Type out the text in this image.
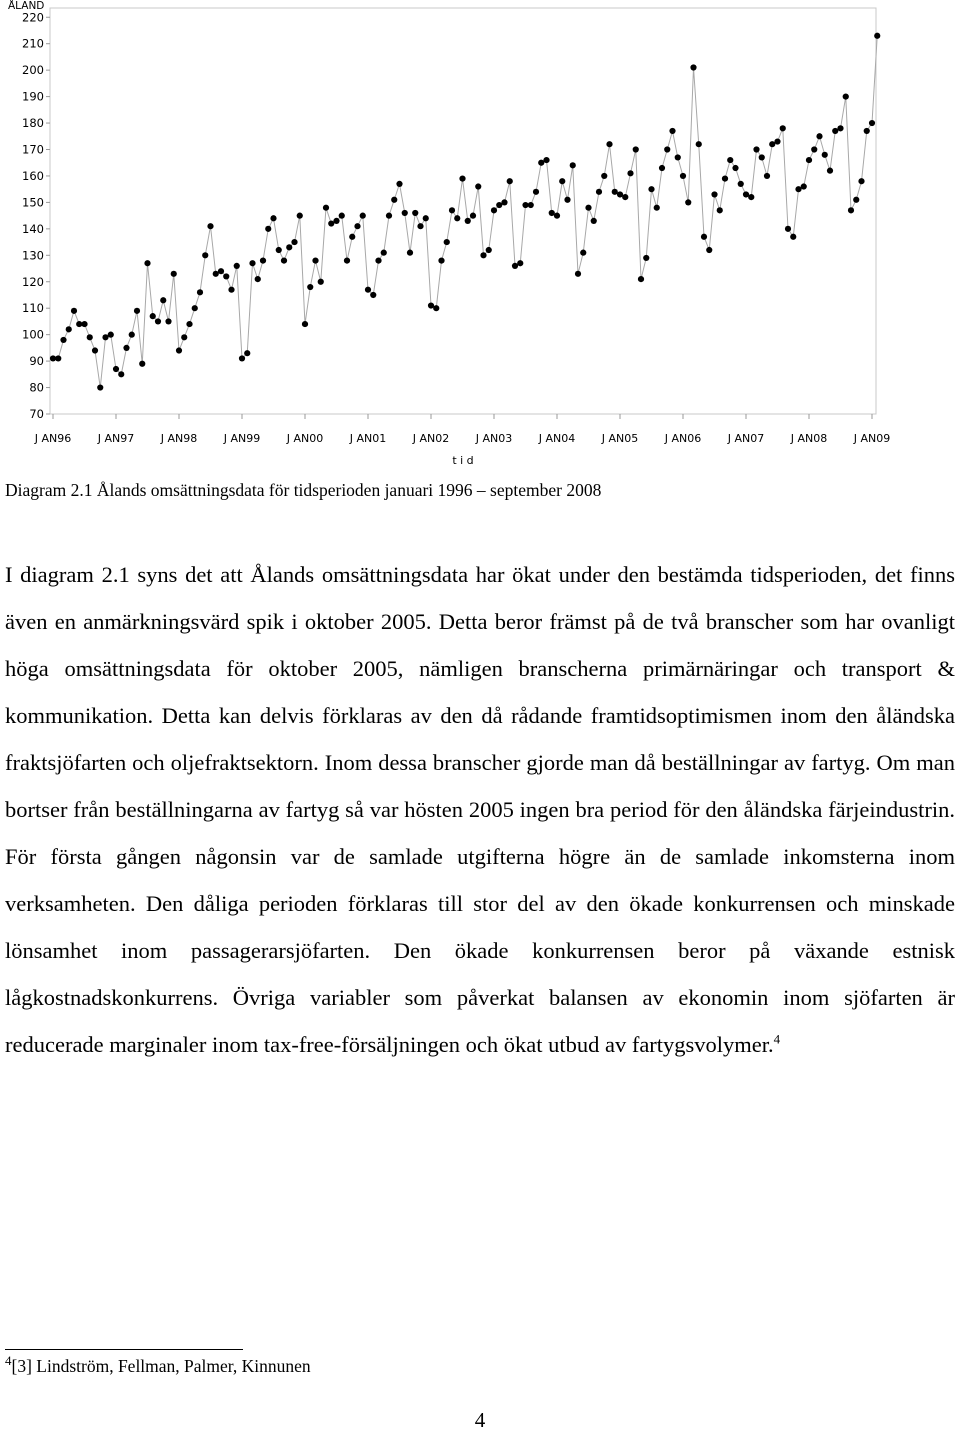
ÅLAND
70
80
90
100
110
120
130
140
150
160
170
180
190
200
210
220
J AN96 J AN97 J AN98 J AN99 J AN00 J AN01 J AN02 J AN03 J AN04 J AN05 J AN06 J AN07 J AN08 J AN09
t i d
Diagram 2.1 Ålands omsättningsdata för tidsperioden januari 1996 – september 2008

I diagram 2.1 syns det att Ålands omsättningsdata har ökat under den bestämda tidsperioden, det finns även en anmärkningsvärd spik i oktober 2005. Detta beror främst på de två branscher som har ovanligt höga omsättningsdata för oktober 2005, nämligen branscherna primärnäringar och transport & kommunikation. Detta kan delvis förklaras av den då rådande framtidsoptimismen inom den åländska fraktsjöfarten och oljefraktsektorn. Inom dessa branscher gjorde man då beställningar av fartyg. Om man bortser från beställningarna av fartyg så var hösten 2005 ingen bra period för den åländska färjeindustrin. För första gången någonsin var de samlade utgifterna högre än de samlade inkomsterna inom verksamheten. Den dåliga perioden förklaras till stor del av den ökade konkurrensen och minskade lönsamhet inom passagerarsjöfarten. Den ökade konkurrensen beror på växande estnisk lågkostnadskonkurrens. Övriga variabler som påverkat balansen av ekonomin inom sjöfarten är reducerade marginaler inom tax-free-försäljningen och ökat utbud av fartygsvolymer.$^4$

$^4$[3] Lindström, Fellman, Palmer, Kinnunen
4
